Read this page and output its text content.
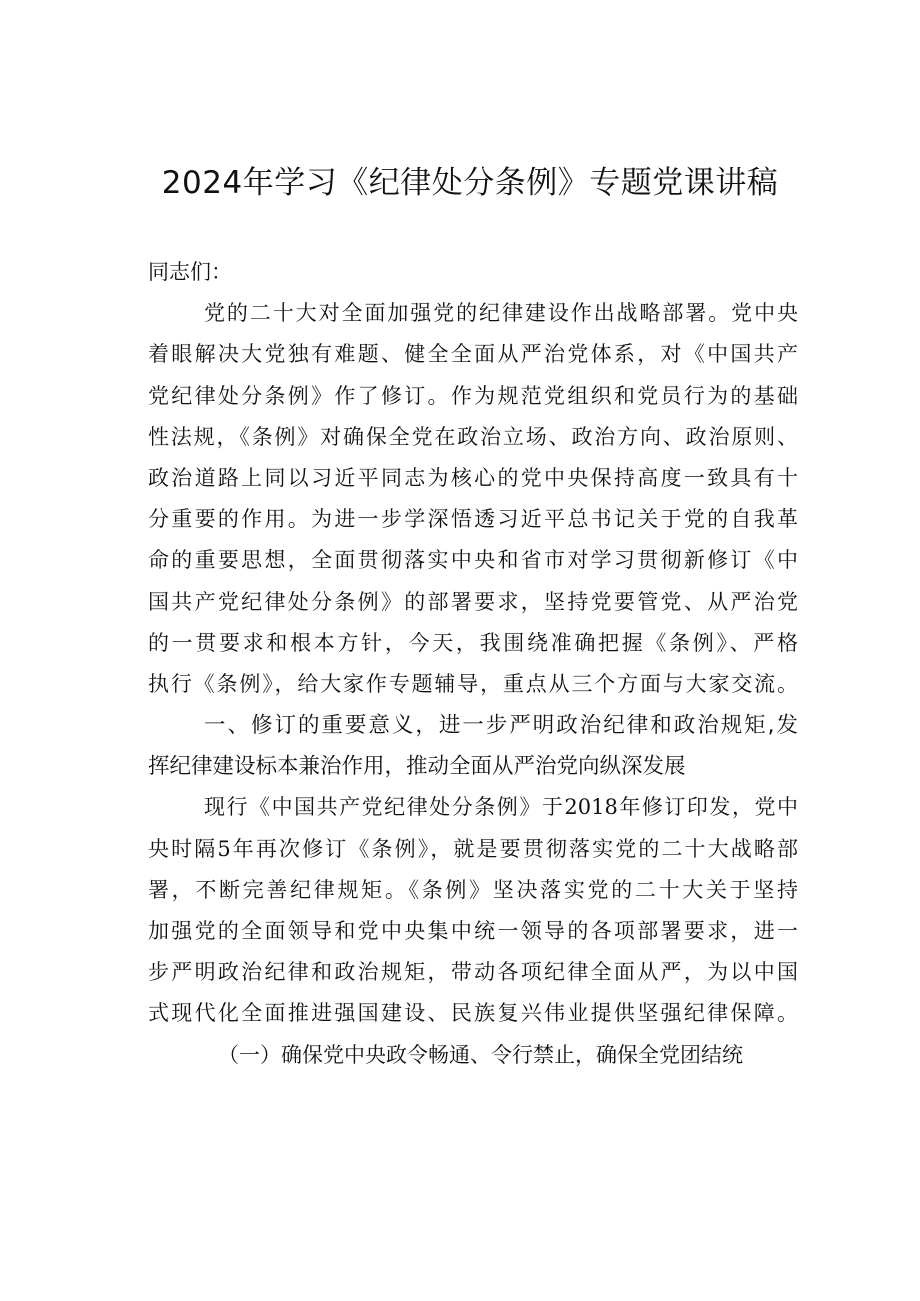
2024年学习《纪律处分条例》专题党课讲稿

同志们：

党的二十大对全面加强党的纪律建设作出战略部署。党中央
着眼解决大党独有难题、健全全面从严治党体系，对《中国共产
党纪律处分条例》作了修订。作为规范党组织和党员行为的基础
性法规，《条例》对确保全党在政治立场、政治方向、政治原则、
政治道路上同以习近平同志为核心的党中央保持高度一致具有十
分重要的作用。为进一步学深悟透习近平总书记关于党的自我革
命的重要思想，全面贯彻落实中央和省市对学习贯彻新修订《中
国共产党纪律处分条例》的部署要求，坚持党要管党、从严治党
的一贯要求和根本方针，今天，我围绕准确把握《条例》、严格
执行《条例》，给大家作专题辅导，重点从三个方面与大家交流。
一、修订的重要意义，进一步严明政治纪律和政治规矩,发
挥纪律建设标本兼治作用，推动全面从严治党向纵深发展
现行《中国共产党纪律处分条例》于2018年修订印发，党中
央时隔5年再次修订《条例》，就是要贯彻落实党的二十大战略部
署，不断完善纪律规矩。《条例》坚决落实党的二十大关于坚持
加强党的全面领导和党中央集中统一领导的各项部署要求，进一
步严明政治纪律和政治规矩，带动各项纪律全面从严，为以中国
式现代化全面推进强国建设、民族复兴伟业提供坚强纪律保障。
（一）确保党中央政令畅通、令行禁止，确保全党团结统
